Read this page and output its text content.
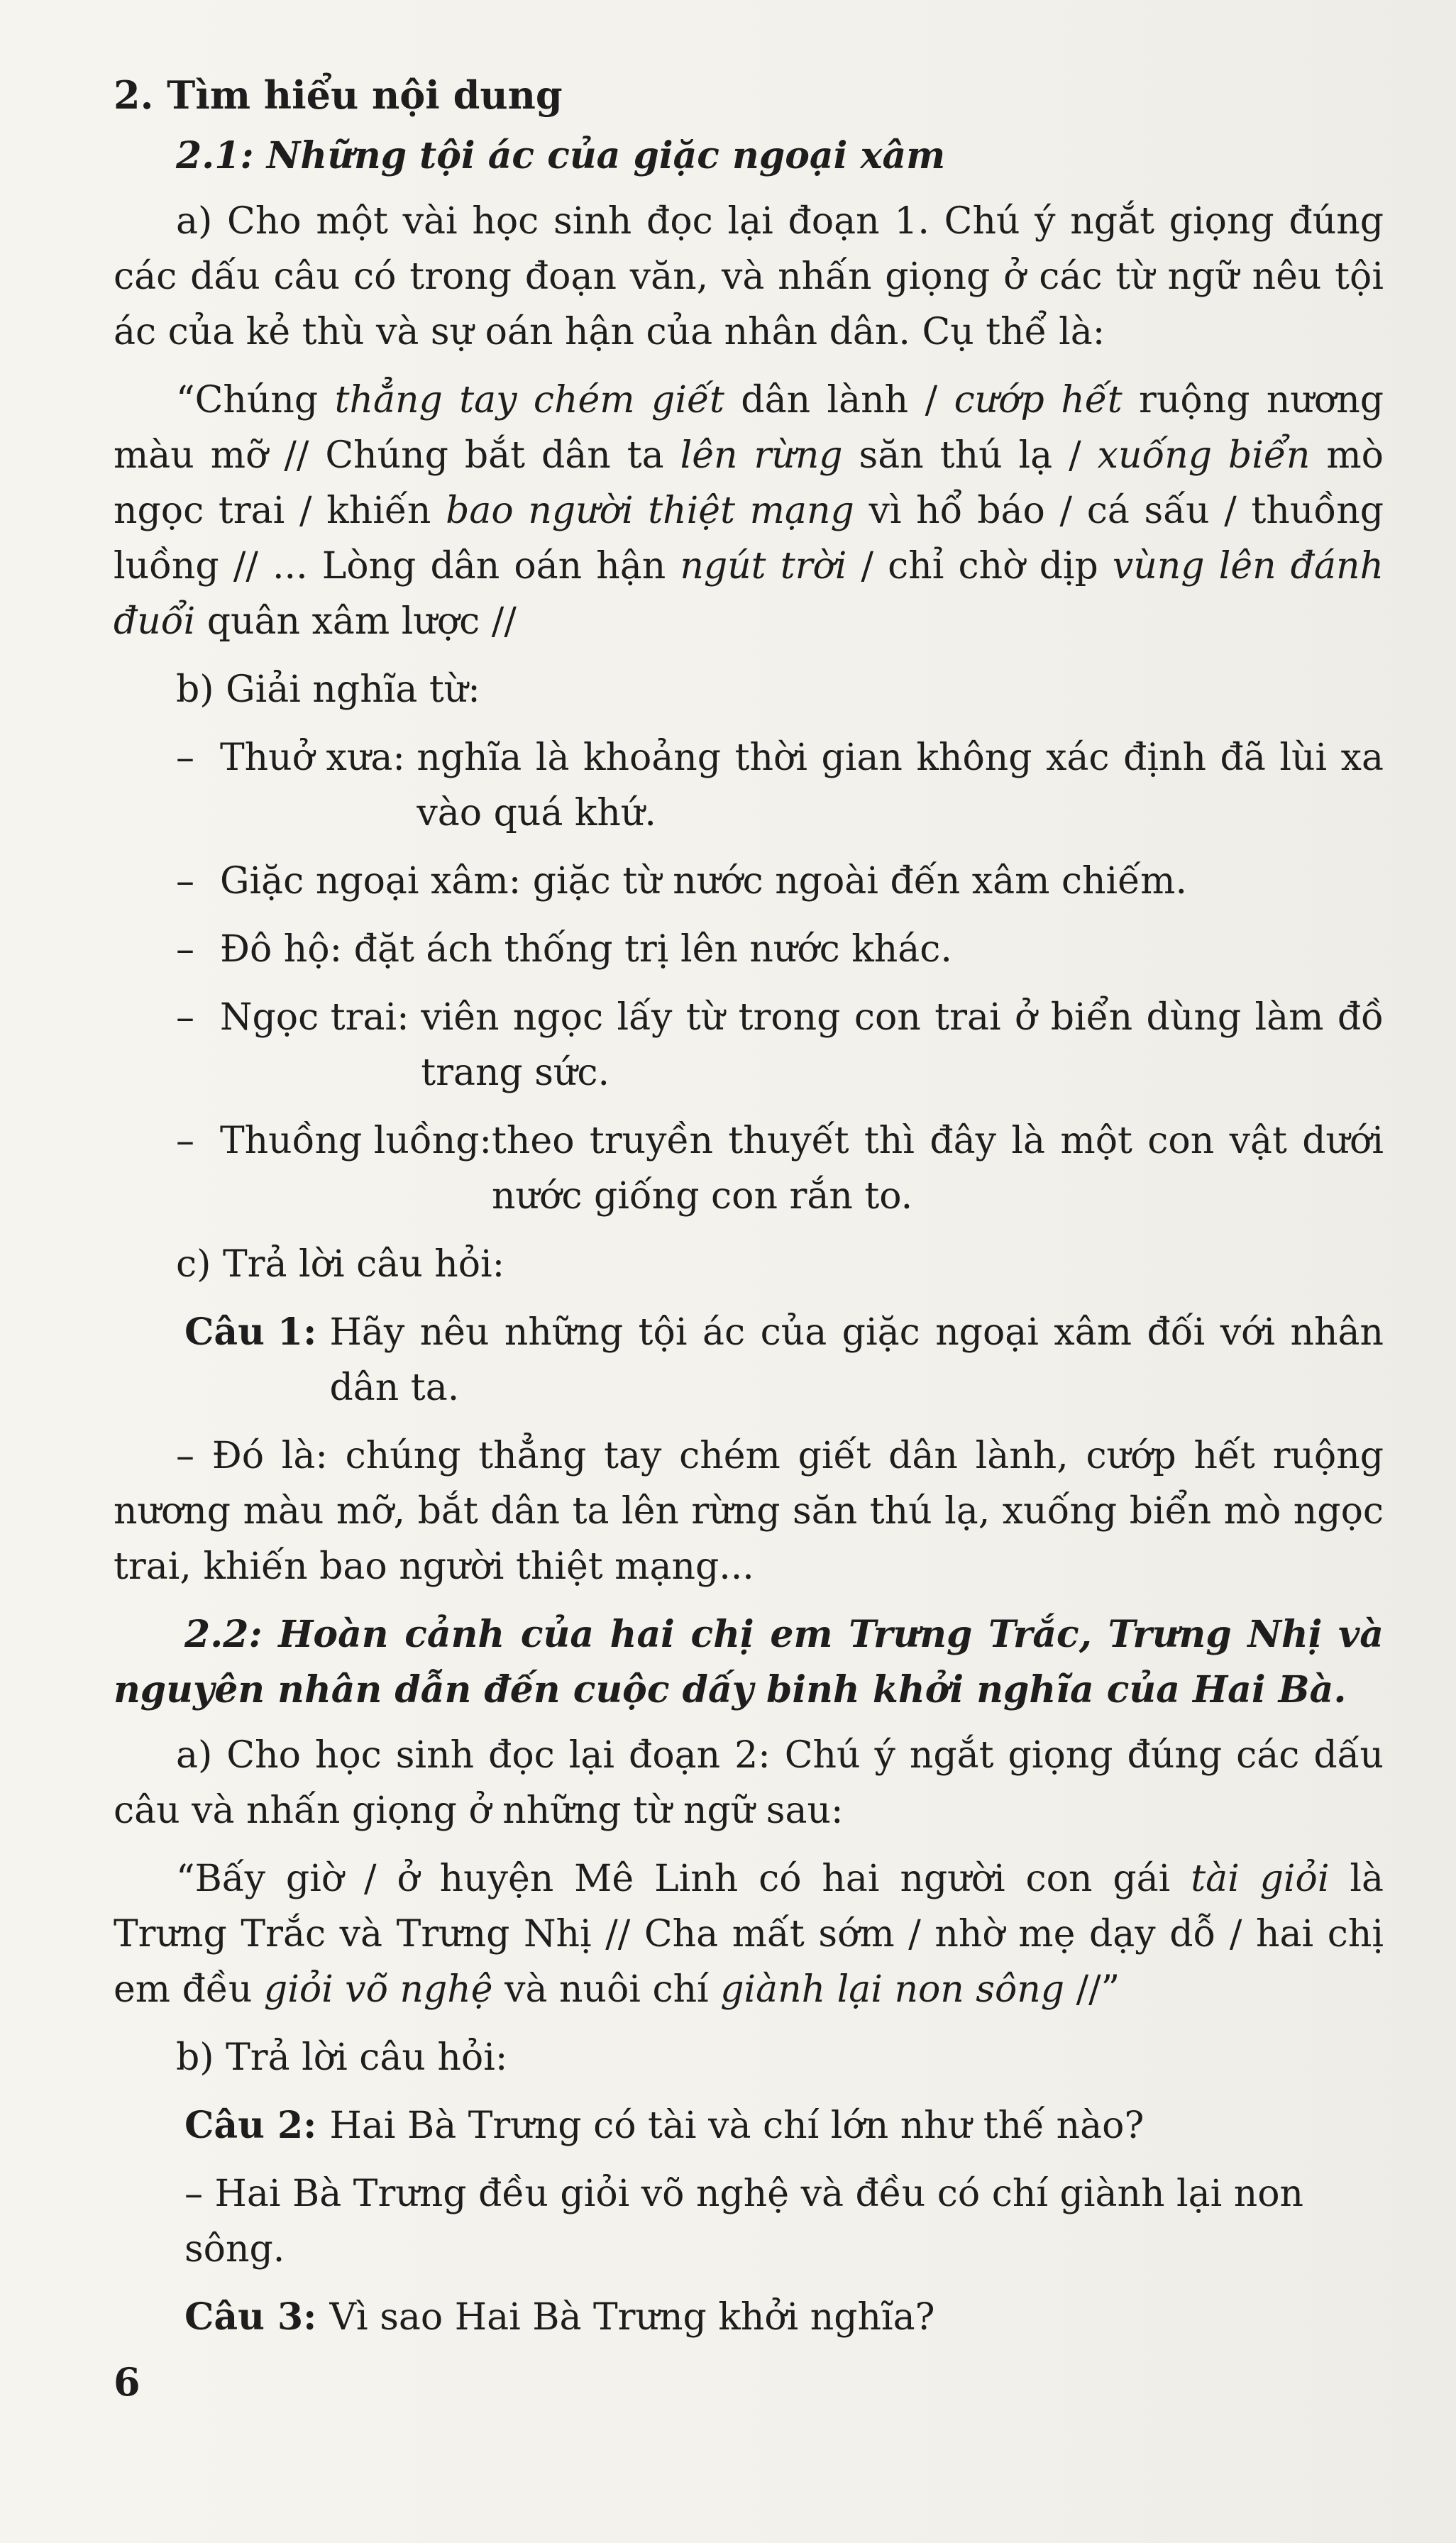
2. Tìm hiểu nội dung

2.1: Những tội ác của giặc ngoại xâm

a) Cho một vài học sinh đọc lại đoạn 1. Chú ý ngắt giọng đúng các dấu câu có trong đoạn văn, và nhấn giọng ở các từ ngữ nêu tội ác của kẻ thù và sự oán hận của nhân dân. Cụ thể là:

“Chúng thẳng tay chém giết dân lành / cướp hết ruộng nương màu mỡ // Chúng bắt dân ta lên rừng săn thú lạ / xuống biển mò ngọc trai / khiến bao người thiệt mạng vì hổ báo / cá sấu / thuồng luồng // ... Lòng dân oán hận ngút trời / chỉ chờ dịp vùng lên đánh đuổi quân xâm lược //

b) Giải nghĩa từ:

– Thuở xưa: nghĩa là khoảng thời gian không xác định đã lùi xa vào quá khứ.
– Giặc ngoại xâm: giặc từ nước ngoài đến xâm chiếm.
– Đô hộ: đặt ách thống trị lên nước khác.
– Ngọc trai: viên ngọc lấy từ trong con trai ở biển dùng làm đồ trang sức.
– Thuồng luồng: theo truyền thuyết thì đây là một con vật dưới nước giống con rắn to.

c) Trả lời câu hỏi:

Câu 1: Hãy nêu những tội ác của giặc ngoại xâm đối với nhân dân ta.

– Đó là: chúng thẳng tay chém giết dân lành, cướp hết ruộng nương màu mỡ, bắt dân ta lên rừng săn thú lạ, xuống biển mò ngọc trai, khiến bao người thiệt mạng...

2.2: Hoàn cảnh của hai chị em Trưng Trắc, Trưng Nhị và nguyên nhân dẫn đến cuộc dấy binh khởi nghĩa của Hai Bà.

a) Cho học sinh đọc lại đoạn 2: Chú ý ngắt giọng đúng các dấu câu và nhấn giọng ở những từ ngữ sau:

“Bấy giờ / ở huyện Mê Linh có hai người con gái tài giỏi là Trưng Trắc và Trưng Nhị // Cha mất sớm / nhờ mẹ dạy dỗ / hai chị em đều giỏi võ nghệ và nuôi chí giành lại non sông //”

b) Trả lời câu hỏi:

Câu 2: Hai Bà Trưng có tài và chí lớn như thế nào?

– Hai Bà Trưng đều giỏi võ nghệ và đều có chí giành lại non sông.

Câu 3: Vì sao Hai Bà Trưng khởi nghĩa?
6
